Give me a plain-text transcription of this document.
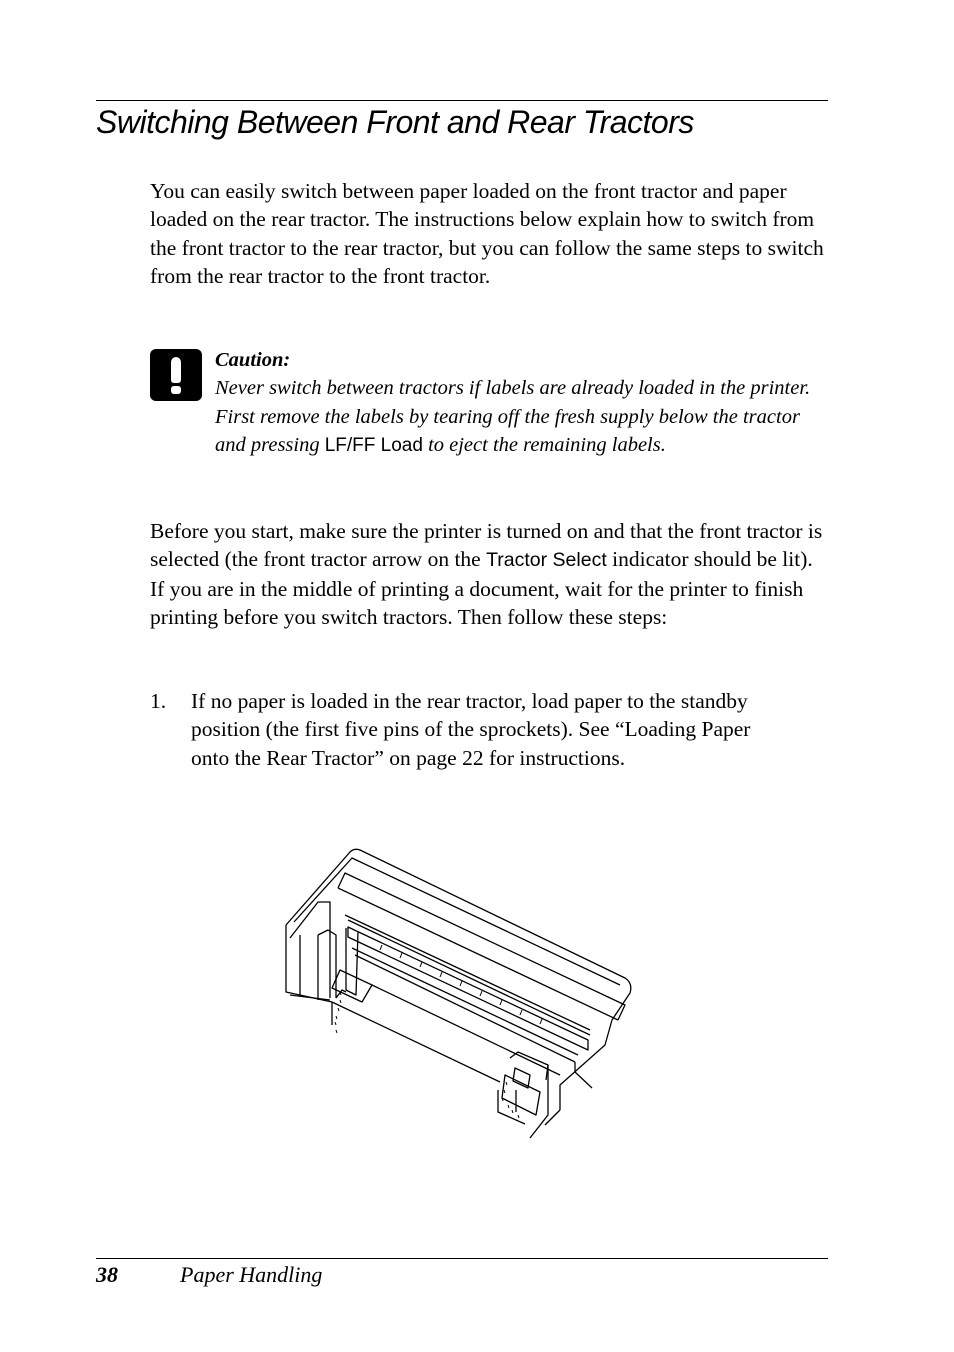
Switching Between Front and Rear Tractors
You can easily switch between paper loaded on the front tractor and paper loaded on the rear tractor. The instructions below explain how to switch from the front tractor to the rear tractor, but you can follow the same steps to switch from the rear tractor to the front tractor.
Caution:
Never switch between tractors if labels are already loaded in the printer. First remove the labels by tearing off the fresh supply below the tractor and pressing LF/FF Load to eject the remaining labels.
Before you start, make sure the printer is turned on and that the front tractor is selected (the front tractor arrow on the Tractor Select indicator should be lit). If you are in the middle of printing a document, wait for the printer to finish printing before you switch tractors. Then follow these steps:
1. If no paper is loaded in the rear tractor, load paper to the standby position (the first five pins of the sprockets). See “Loading Paper onto the Rear Tractor” on page 22 for instructions.
38	Paper Handling
